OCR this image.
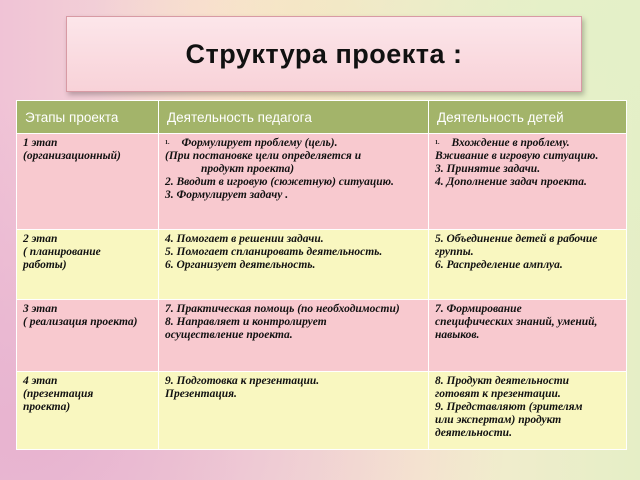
Структура проекта :
Этапы проекта	Деятельность педагога	Деятельность детей

1 этап
(организационный)	$^{1.}$ Формулирует проблему (цель).
(При постановке цели определяется и
продукт проекта)
2. Вводит в игровую (сюжетную) ситуацию.
3. Формулирует задачу .	$^{1.}$ Вхождение в проблему.
Вживание в игровую ситуацию.
3. Принятие задачи.
4. Дополнение задач проекта.

2 этап
( планирование
работы)	4. Помогает в решении задачи.
5. Помогает спланировать деятельность.
6. Организует деятельность.	5. Объединение детей в рабочие
группы.
6. Распределение амплуа.

3 этап
( реализация проекта)	7. Практическая помощь (по необходимости)
8. Направляет и контролирует
осуществление проекта.	7. Формирование
специфических знаний, умений,
навыков.

4 этап
(презентация
проекта)	9. Подготовка к презентации.
Презентация.	8. Продукт деятельности
готовят к презентации.
9. Представляют (зрителям
или экспертам) продукт
деятельности.
